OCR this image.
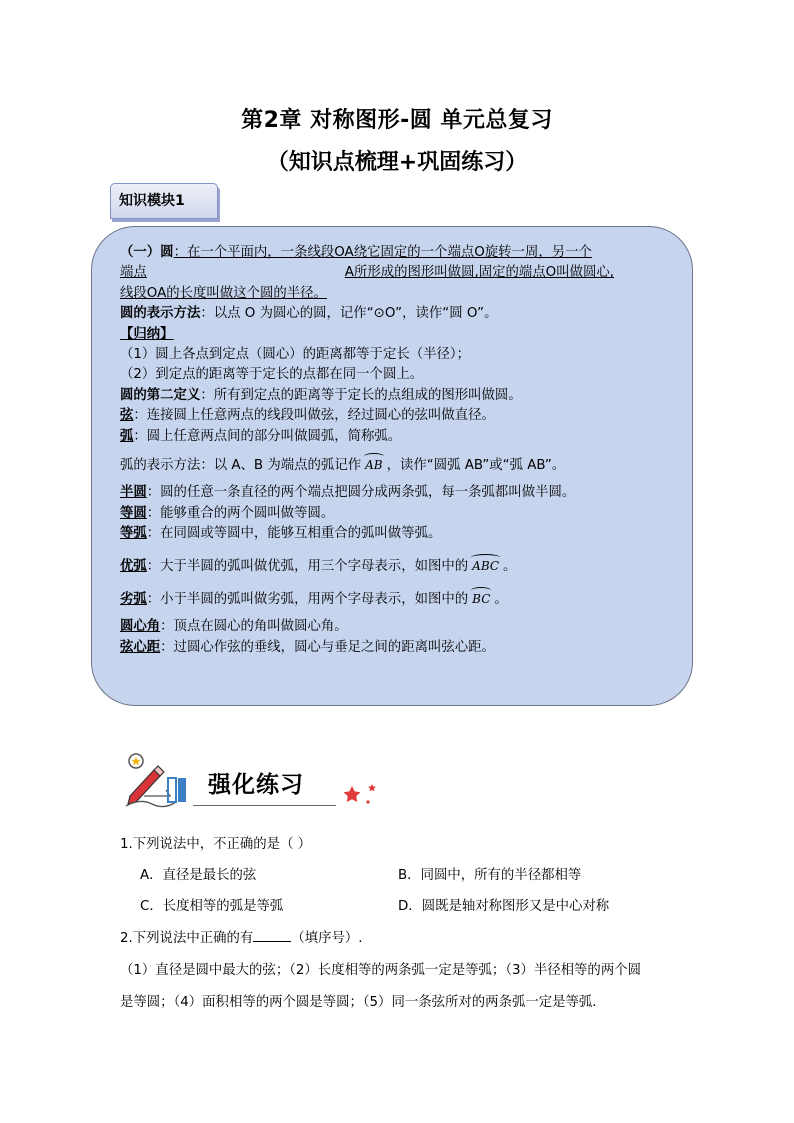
第2章 对称图形-圆 单元总复习
（知识点梳理+巩固练习）
知识模块1
（一）圆：在一个平面内，一条线段OA绕它固定的一个端点O旋转一周，另一个
端点	A所形成的图形叫做圆,固定的端点O叫做圆心,
线段OA的长度叫做这个圆的半径。
圆的表示方法：以点 O 为圆心的圆，记作“⊙O”，读作“圆 O”。
【归纳】
（1）圆上各点到定点（圆心）的距离都等于定长（半径）；
（2）到定点的距离等于定长的点都在同一个圆上。
圆的第二定义：所有到定点的距离等于定长的点组成的图形叫做圆。
弦：连接圆上任意两点的线段叫做弦，经过圆心的弦叫做直径。
弧：圆上任意两点间的部分叫做圆弧，简称弧。
弧的表示方法：以 A、B 为端点的弧记作 AB ，读作“圆弧 AB”或“弧 AB”。
半圆：圆的任意一条直径的两个端点把圆分成两条弧，每一条弧都叫做半圆。
等圆：能够重合的两个圆叫做等圆。
等弧：在同圆或等圆中，能够互相重合的弧叫做等弧。
优弧：大于半圆的弧叫做优弧，用三个字母表示，如图中的 ABC 。
劣弧：小于半圆的弧叫做劣弧，用两个字母表示，如图中的 BC 。
圆心角：顶点在圆心的角叫做圆心角。
弦心距：过圆心作弦的垂线，圆心与垂足之间的距离叫弦心距。
强化练习
1.下列说法中，不正确的是（ ）
A．直径是最长的弦	B．同圆中，所有的半径都相等
C．长度相等的弧是等弧	D．圆既是轴对称图形又是中心对称
2.下列说法中正确的有	（填序号）.
（1）直径是圆中最大的弦；（2）长度相等的两条弧一定是等弧；（3）半径相等的两个圆
是等圆；（4）面积相等的两个圆是等圆；（5）同一条弦所对的两条弧一定是等弧．
